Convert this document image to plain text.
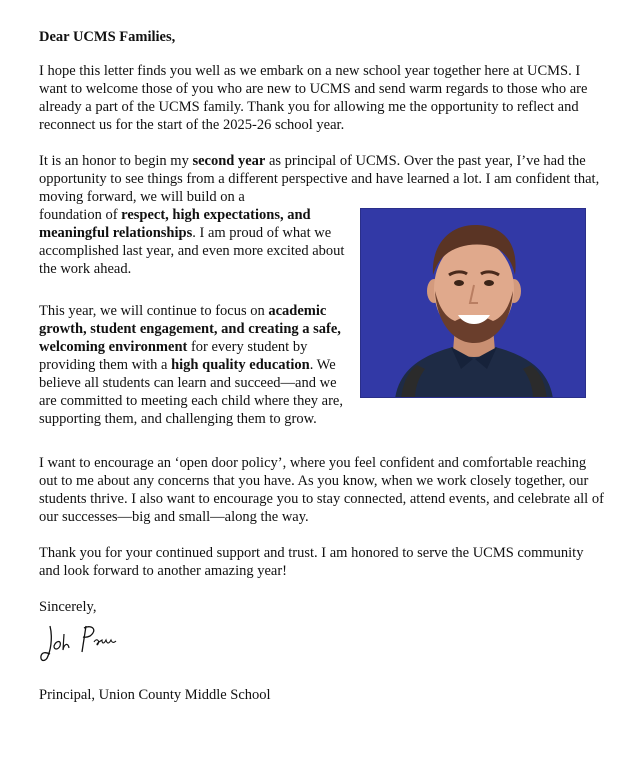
Dear UCMS Families,

I hope this letter finds you well as we embark on a new school year together here at UCMS. I want to welcome those of you who are new to UCMS and send warm regards to those who are already a part of the UCMS family. Thank you for allowing me the opportunity to reflect and reconnect us for the start of the 2025-26 school year.

It is an honor to begin my second year as principal of UCMS. Over the past year, I’ve had the opportunity to see things from a different perspective and have learned a lot. I am confident that, moving forward, we will build on a

foundation of respect, high expectations, and meaningful relationships. I am proud of what we accomplished last year, and even more excited about the work ahead.

This year, we will continue to focus on academic growth, student engagement, and creating a safe, welcoming environment for every student by providing them with a high quality education. We believe all students can learn and succeed—and we are committed to meeting each child where they are, supporting them, and challenging them to grow.

I want to encourage an ‘open door policy’, where you feel confident and comfortable reaching out to me about any concerns that you have. As you know, when we work closely together, our students thrive. I also want to encourage you to stay connected, attend events, and celebrate all of our successes—big and small—along the way.

Thank you for your continued support and trust. I am honored to serve the UCMS community and look forward to another amazing year!

Sincerely,

Principal, Union County Middle School
